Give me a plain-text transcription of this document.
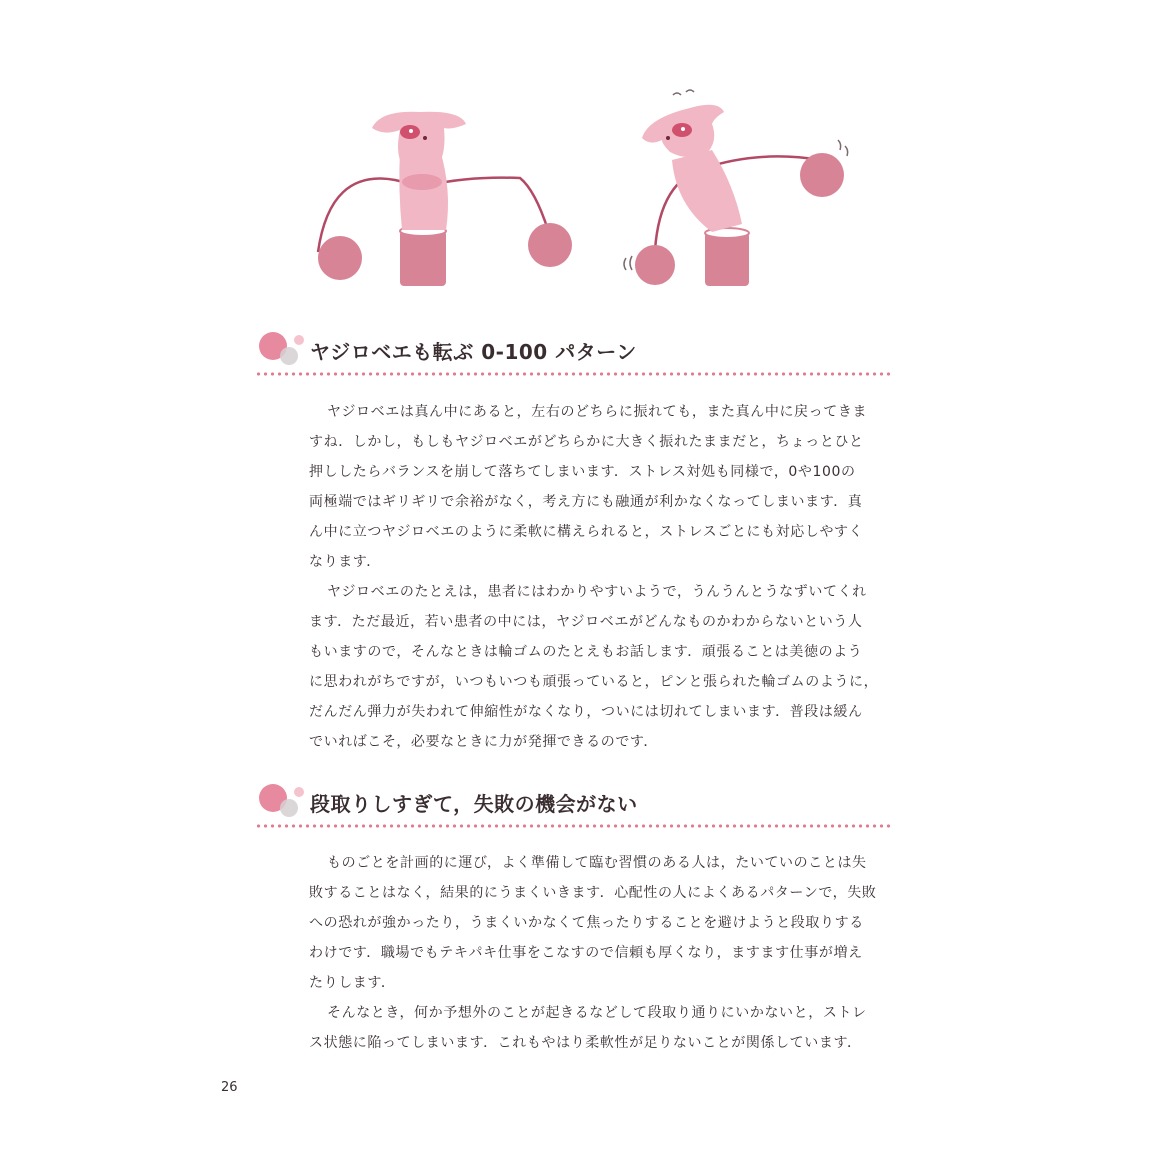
ヤジロベエも転ぶ 0-100 パターン

ヤジロベエは真ん中にあると，左右のどちらに振れても，また真ん中に戻ってきま
すね．しかし，もしもヤジロベエがどちらかに大きく振れたままだと，ちょっとひと
押ししたらバランスを崩して落ちてしまいます．ストレス対処も同様で，0や100の
両極端ではギリギリで余裕がなく，考え方にも融通が利かなくなってしまいます．真
ん中に立つヤジロベエのように柔軟に構えられると，ストレスごとにも対応しやすく
なります．

ヤジロベエのたとえは，患者にはわかりやすいようで，うんうんとうなずいてくれ
ます．ただ最近，若い患者の中には，ヤジロベエがどんなものかわからないという人
もいますので，そんなときは輪ゴムのたとえもお話します．頑張ることは美徳のよう
に思われがちですが，いつもいつも頑張っていると，ピンと張られた輪ゴムのように，
だんだん弾力が失われて伸縮性がなくなり，ついには切れてしまいます．普段は緩ん
でいればこそ，必要なときに力が発揮できるのです．

段取りしすぎて，失敗の機会がない

ものごとを計画的に運び，よく準備して臨む習慣のある人は，たいていのことは失
敗することはなく，結果的にうまくいきます．心配性の人によくあるパターンで，失敗
への恐れが強かったり，うまくいかなくて焦ったりすることを避けようと段取りする
わけです．職場でもテキパキ仕事をこなすので信頼も厚くなり，ますます仕事が増え
たりします．

そんなとき，何か予想外のことが起きるなどして段取り通りにいかないと，ストレ
ス状態に陥ってしまいます．これもやはり柔軟性が足りないことが関係しています．

26
